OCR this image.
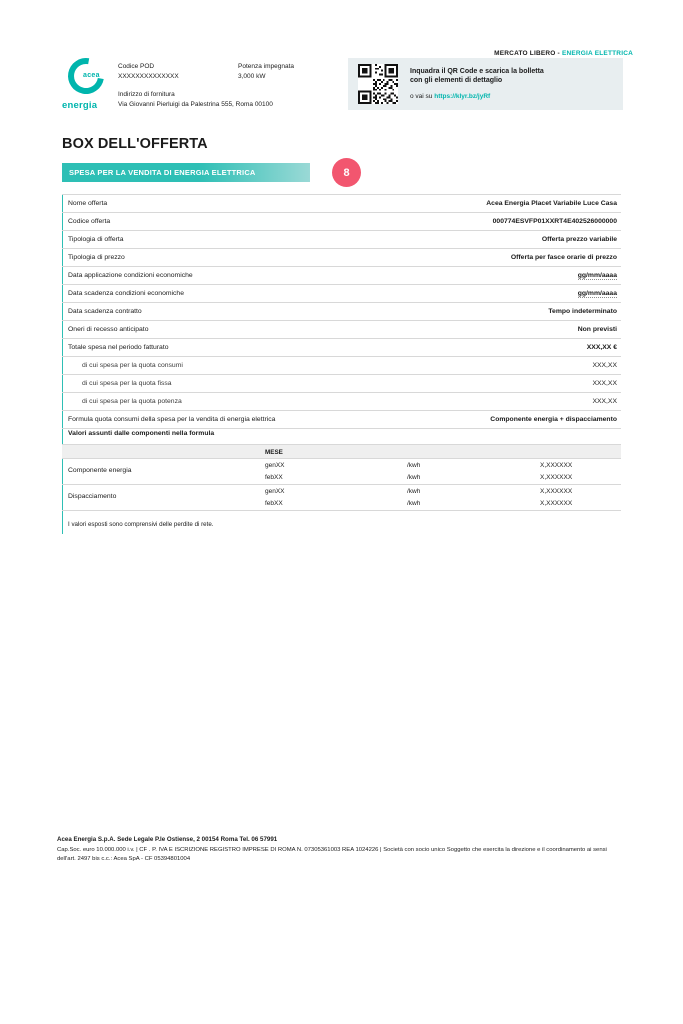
MERCATO LIBERO - ENERGIA ELETTRICA
acea
energia
Codice POD
XXXXXXXXXXXXXX
Potenza impegnata
3,000 kW
Indirizzo di fornitura
Via Giovanni Pierluigi da Palestrina 555, Roma 00100
Inquadra il QR Code e scarica la bolletta
con gli elementi di dettaglio
o vai su https://klyr.bz/jyRf
BOX DELL'OFFERTA
SPESA PER LA VENDITA DI ENERGIA ELETTRICA	8
Nome offerta	Acea Energia Placet Variabile Luce Casa
Codice offerta	000774ESVFP01XXRT4E402526000000
Tipologia di offerta	Offerta prezzo variabile
Tipologia di prezzo	Offerta per fasce orarie di prezzo
Data applicazione condizioni economiche	gg/mm/aaaa
Data scadenza condizioni economiche	gg/mm/aaaa
Data scadenza contratto	Tempo indeterminato
Oneri di recesso anticipato	Non previsti
Totale spesa nel periodo fatturato	XXX,XX €
di cui spesa per la quota consumi	XXX,XX
di cui spesa per la quota fissa	XXX,XX
di cui spesa per la quota potenza	XXX,XX
Formula quota consumi della spesa per la vendita di energia elettrica	Componente energia + dispacciamento
Valori assunti dalle componenti nella formula
MESE
Componente energia
genXX	/kwh	X,XXXXXX
febXX	/kwh	X,XXXXXX
Dispacciamento
genXX	/kwh	X,XXXXXX
febXX	/kwh	X,XXXXXX
I valori esposti sono comprensivi delle perdite di rete.
Acea Energia S.p.A. Sede Legale P.le Ostiense, 2 00154 Roma Tel. 06 57991
Cap.Soc. euro 10.000.000 i.v. | CF . P. IVA E ISCRIZIONE REGISTRO IMPRESE DI ROMA N. 07305361003 REA 1024226 | Società con socio unico Soggetto che esercita la direzione e il coordinamento ai sensi dell'art. 2497 bis c.c.: Acea SpA - CF 05394801004
